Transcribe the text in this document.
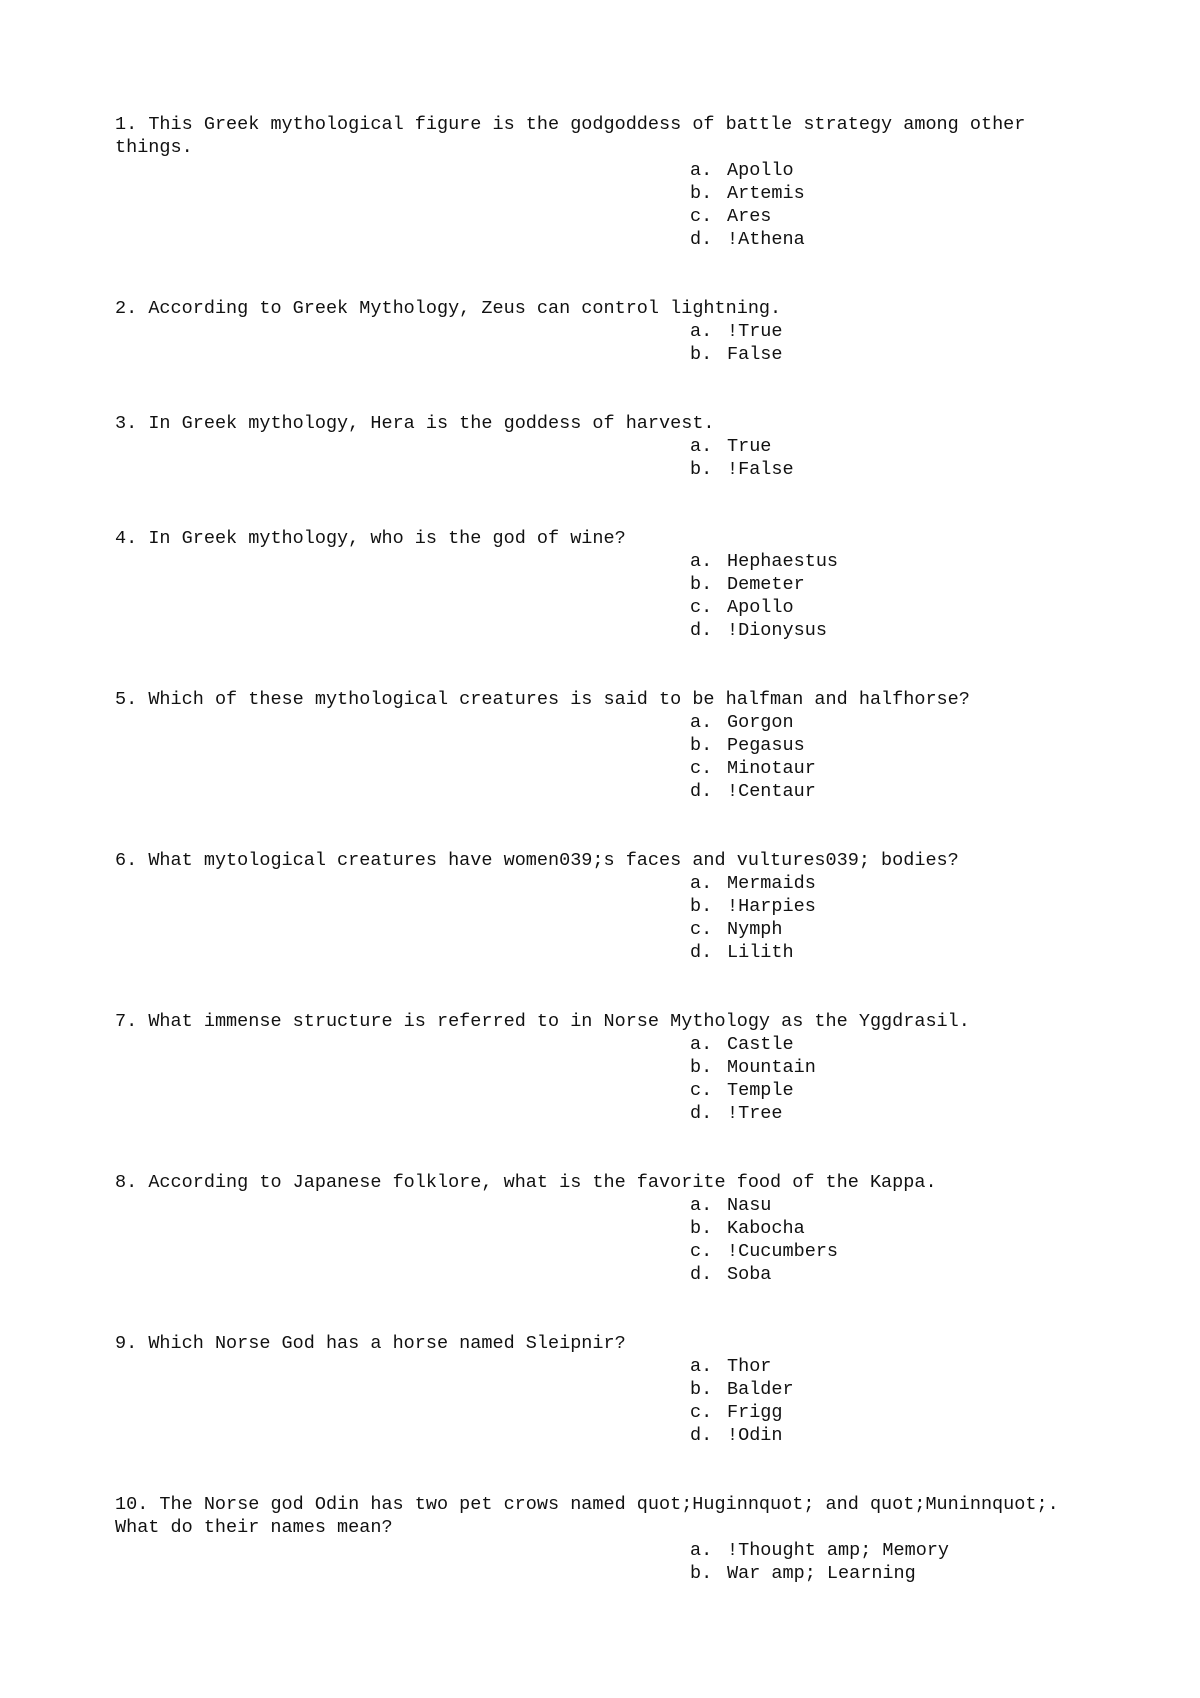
1. This Greek mythological figure is the godgoddess of battle strategy among other things.

a. Apollo
b. Artemis
c. Ares
d. !Athena

2. According to Greek Mythology, Zeus can control lightning.

a. !True
b. False

3. In Greek mythology, Hera is the goddess of harvest.

a. True
b. !False

4. In Greek mythology, who is the god of wine?

a. Hephaestus
b. Demeter
c. Apollo
d. !Dionysus

5. Which of these mythological creatures is said to be halfman and halfhorse?

a. Gorgon
b. Pegasus
c. Minotaur
d. !Centaur

6. What mytological creatures have women039;s faces and vultures039; bodies?

a. Mermaids
b. !Harpies
c. Nymph
d. Lilith

7. What immense structure is referred to in Norse Mythology as the Yggdrasil.

a. Castle
b. Mountain
c. Temple
d. !Tree

8. According to Japanese folklore, what is the favorite food of the Kappa.

a. Nasu
b. Kabocha
c. !Cucumbers
d. Soba

9. Which Norse God has a horse named Sleipnir?

a. Thor
b. Balder
c. Frigg
d. !Odin

10. The Norse god Odin has two pet crows named quot;Huginnquot; and quot;Muninnquot;.  What do their names mean?

a. !Thought amp; Memory
b. War amp; Learning
